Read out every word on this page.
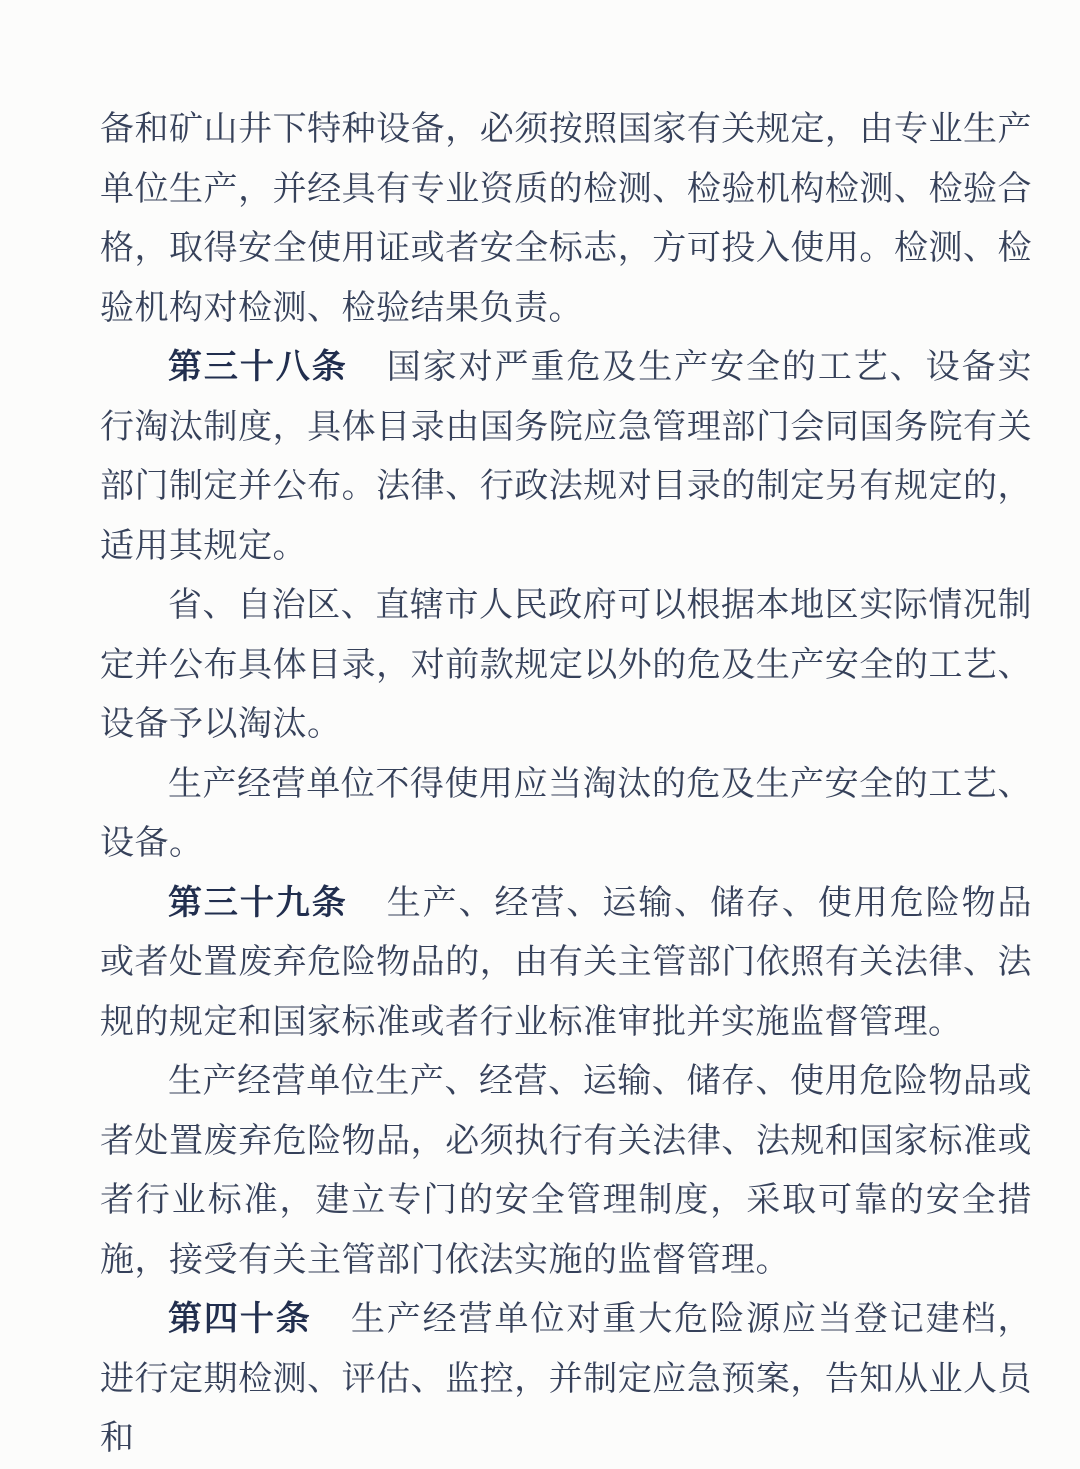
备和矿山井下特种设备，必须按照国家有关规定，由专业生产单位生产，并经具有专业资质的检测、检验机构检测、检验合格，取得安全使用证或者安全标志，方可投入使用。检测、检验机构对检测、检验结果负责。

第三十八条 国家对严重危及生产安全的工艺、设备实行淘汰制度，具体目录由国务院应急管理部门会同国务院有关部门制定并公布。法律、行政法规对目录的制定另有规定的，适用其规定。

省、自治区、直辖市人民政府可以根据本地区实际情况制定并公布具体目录，对前款规定以外的危及生产安全的工艺、设备予以淘汰。

生产经营单位不得使用应当淘汰的危及生产安全的工艺、设备。

第三十九条 生产、经营、运输、储存、使用危险物品或者处置废弃危险物品的，由有关主管部门依照有关法律、法规的规定和国家标准或者行业标准审批并实施监督管理。

生产经营单位生产、经营、运输、储存、使用危险物品或者处置废弃危险物品，必须执行有关法律、法规和国家标准或者行业标准，建立专门的安全管理制度，采取可靠的安全措施，接受有关主管部门依法实施的监督管理。

第四十条 生产经营单位对重大危险源应当登记建档，进行定期检测、评估、监控，并制定应急预案，告知从业人员和
